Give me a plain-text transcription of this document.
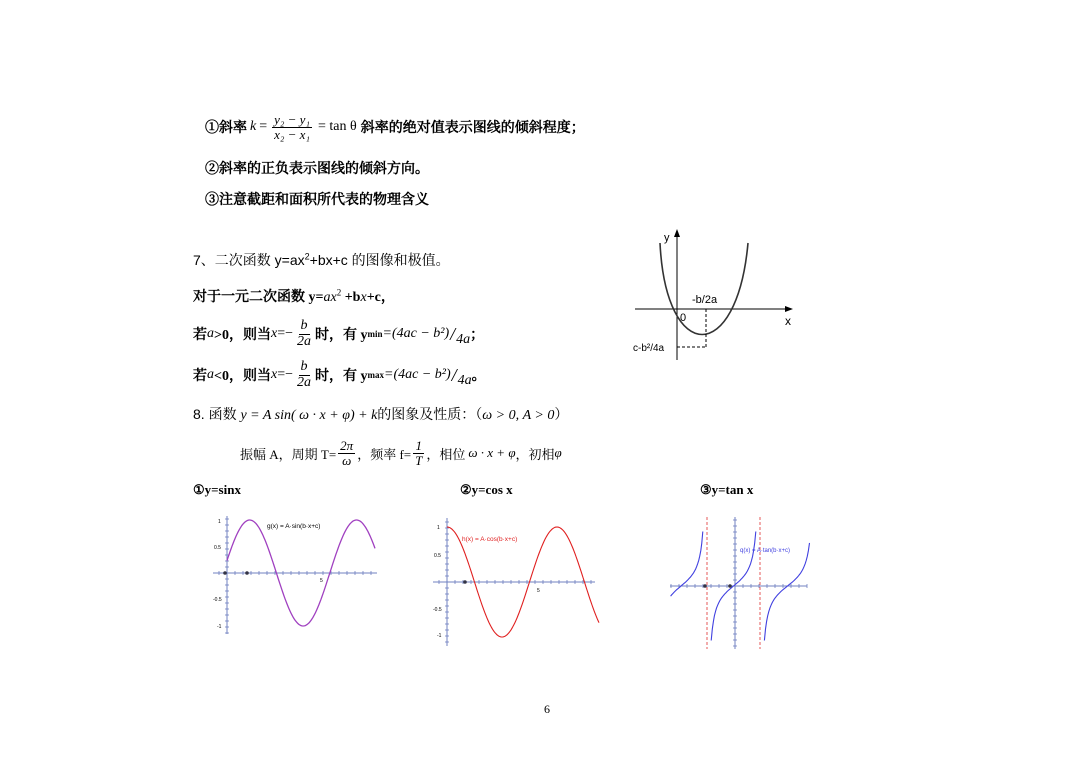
①斜率 $k = \frac{\text{y₂ − y₁}}{\text{x₂ − x₁}} = \tan \theta$ 斜率的绝对值表示图线的倾斜程度；
②斜率的正负表示图线的倾斜方向。
③注意截距和面积所代表的物理含义
7、二次函数 $y=ax^2+bx+c$ 的图像和极值。
对于一元二次函数 $y=ax^2 +bx+c$，
若 a >0，则当 $x =- \frac{b}{2a}$ 时，有 y min =(4ac − b²) / 4a ；
若 a <0，则当 $x =- \frac{b}{2a}$ 时，有 y max =(4ac − b²) / 4a 。
y
x
0
-b/2a
c-b²/4a
8. 函数 y = A sin( ω · x + φ) + k的图象及性质：（ω > 0, A > 0）
振幅 A，周期 $T= \frac{2\pi}{\omega}$ ，频率 $f= \frac{1}{T}$ ，相位 ω · x + φ ，初相 φ
①y=sinx	②y=cos x	③y=tan x
g(x) = A·sin(b·x+c)
1
0.5
-0.5
-1
5
h(x) = A·cos(b·x+c)
1
0.5
-0.5
-1
5
q(x) = A·tan(b·x+c)
6
